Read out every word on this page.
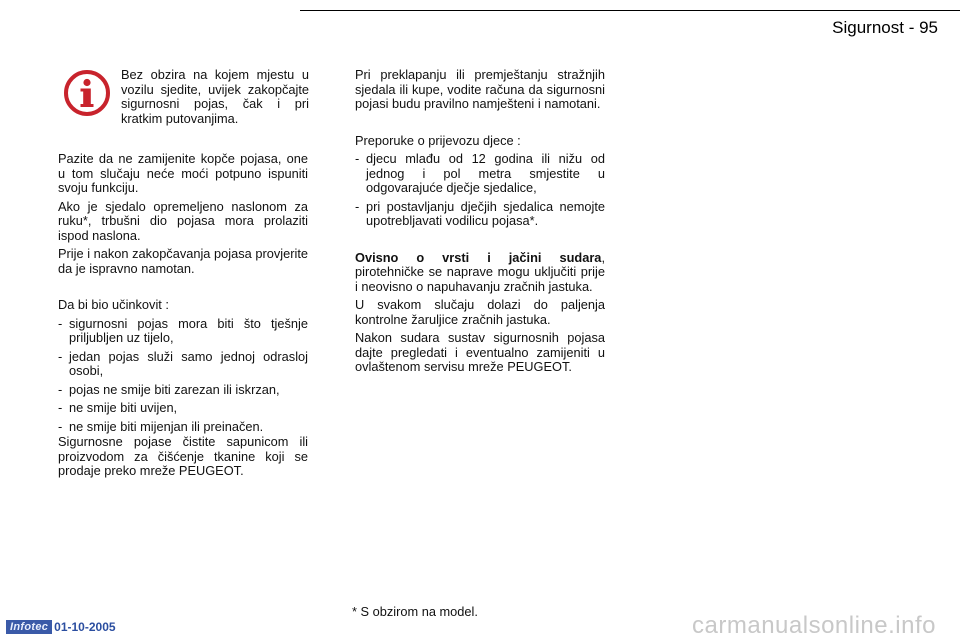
Sigurnost - 95
Bez obzira na kojem mjestu u vozilu sjedite, uvijek zakopčajte sigurnosni pojas, čak i pri kratkim putovanjima.

Pazite da ne zamijenite kopče pojasa, one u tom slučaju neće moći potpuno ispuniti svoju funkciju.

Ako je sjedalo opremeljeno naslonom za ruku*, trbušni dio pojasa mora prolaziti ispod naslona.

Prije i nakon zakopčavanja pojasa provjerite da je ispravno namotan.

Da bi bio učinkovit :

- sigurnosni pojas mora biti što tješnje priljubljen uz tijelo,
- jedan pojas služi samo jednoj odrasloj osobi,
- pojas ne smije biti zarezan ili iskrzan,
- ne smije biti uvijen,
- ne smije biti mijenjan ili preinačen.

Sigurnosne pojase čistite sapunicom ili proizvodom za čišćenje tkanine koji se prodaje preko mreže PEUGEOT.

Pri preklapanju ili premještanju stražnjih sjedala ili kupe, vodite računa da sigurnosni pojasi budu pravilno namješteni i namotani.

Preporuke o prijevozu djece :

- djecu mlađu od 12 godina ili nižu od jednog i pol metra smjestite u odgovarajuće dječje sjedalice,
- pri postavljanju dječjih sjedalica nemojte upotrebljavati vodilicu pojasa*.

Ovisno o vrsti i jačini sudara, pirotehničke se naprave mogu uključiti prije i neovisno o napuhavanju zračnih jastuka.

U svakom slučaju dolazi do paljenja kontrolne žaruljice zračnih jastuka.

Nakon sudara sustav sigurnosnih pojasa dajte pregledati i eventualno zamijeniti u ovlaštenom servisu mreže PEUGEOT.

* S obzirom na model.
Infotec 01-10-2005	carmanualsonline.info
